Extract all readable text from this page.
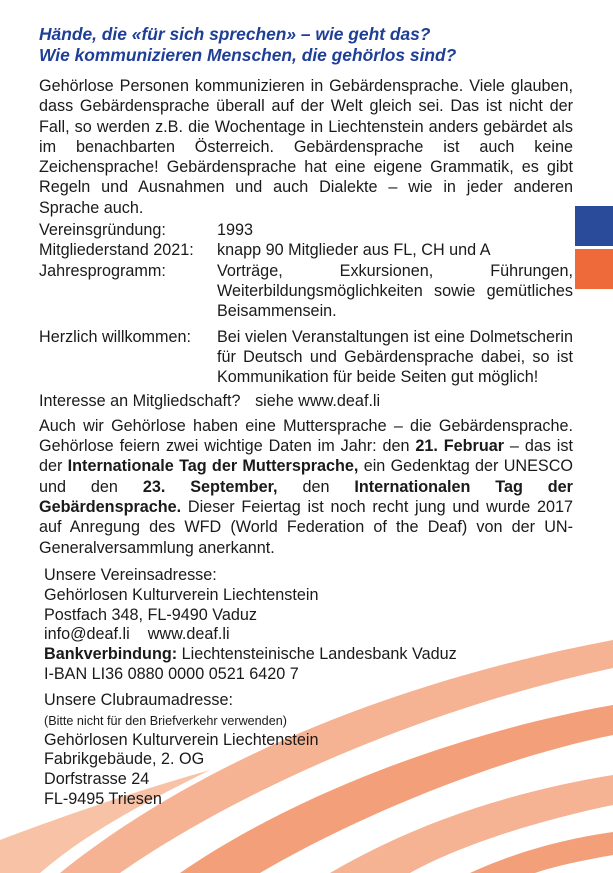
Hände, die «für sich sprechen» – wie geht das?
Wie kommunizieren Menschen, die gehörlos sind?

Gehörlose Personen kommunizieren in Gebärdensprache. Viele glauben, dass Gebärdensprache überall auf der Welt gleich sei. Das ist nicht der Fall, so werden z.B. die Wochentage in Liechtenstein anders gebärdet als im benachbarten Österreich. Gebärdensprache ist auch keine Zeichensprache! Gebärdensprache hat eine eigene Grammatik, es gibt Regeln und Ausnahmen und auch Dialekte – wie in jeder anderen Sprache auch.

Vereinsgründung:	1993
Mitgliederstand 2021:	knapp 90 Mitglieder aus FL, CH und A
Jahresprogramm:	Vorträge, Exkursionen, Führungen, Weiterbildungsmöglichkeiten sowie gemütliches Beisammensein.
Herzlich willkommen:	Bei vielen Veranstaltungen ist eine Dolmetscherin für Deutsch und Gebärdensprache dabei, so ist Kommunikation für beide Seiten gut möglich!
Interesse an Mitgliedschaft? siehe www.deaf.li

Auch wir Gehörlose haben eine Muttersprache – die Gebärdensprache. Gehörlose feiern zwei wichtige Daten im Jahr: den 21. Februar – das ist der Internationale Tag der Muttersprache, ein Gedenktag der UNESCO und den 23. September, den Internationalen Tag der Gebärdensprache. Dieser Feiertag ist noch recht jung und wurde 2017 auf Anregung des WFD (World Federation of the Deaf) von der UN-Generalversammlung anerkannt.

Unsere Vereinsadresse:
Gehörlosen Kulturverein Liechtenstein
Postfach 348, FL-9490 Vaduz
info@deaf.li www.deaf.li
Bankverbindung: Liechtensteinische Landesbank Vaduz
I-BAN LI36 0880 0000 0521 6420 7
Unsere Clubraumadresse:
(Bitte nicht für den Briefverkehr verwenden)
Gehörlosen Kulturverein Liechtenstein
Fabrikgebäude, 2. OG
Dorfstrasse 24
FL-9495 Triesen
